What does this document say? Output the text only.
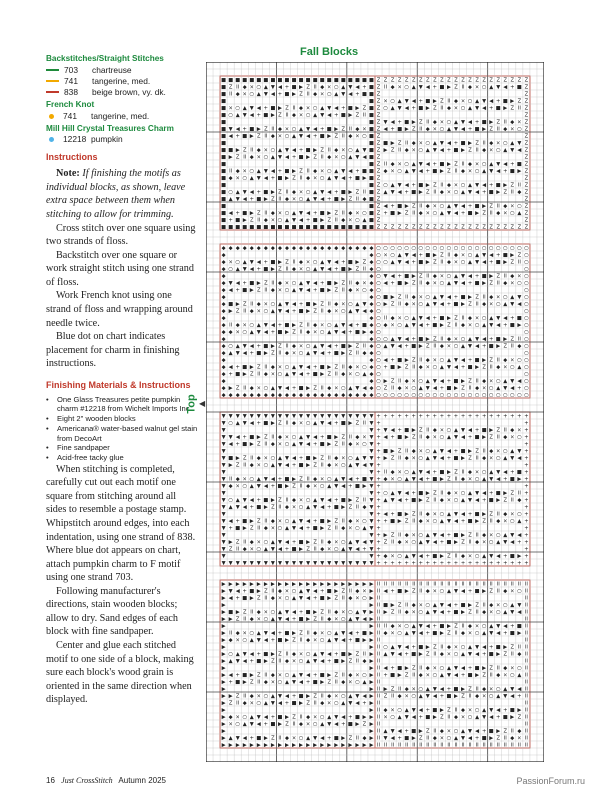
Backstitches/Straight Stitches
703	chartreuse
741	tangerine, med.
838	beige brown, vy. dk.
French Knot
741	tangerine, med.
Mill Hill Crystal Treasures Charm
12218 pumpkin
Instructions

Note: If finishing the motifs as individual blocks, as shown, leave extra space between them when stitching to allow for trimming.

Cross stitch over one square using two strands of floss.

Backstitch over one square or work straight stitch using one strand of floss.

Work French knot using one strand of floss and wrapping around needle twice.

Blue dot on chart indicates placement for charm in finishing instructions.

Finishing Materials & Instructions
• One Glass Treasures petite pumpkin charm #12218 from Wichelt Imports Inc.
• Eight 2" wooden blocks
• Americana® water-based walnut gel stain from DecoArt
• Fine sandpaper
• Acid-free tacky glue

When stitching is completed, carefully cut out each motif one square from stitching around all sides to resemble a postage stamp. Whipstitch around edges, into each indentation, using one strand of 838. Where blue dot appears on chart, attach pumpkin charm to F motif using one strand 703.

Following manufacturer's directions, stain wooden blocks; allow to dry. Sand edges of each block with fine sandpaper.

Center and glue each stitched motif to one side of a block, making sure each block's wood grain is oriented in the same direction when displayed.

Fall Blocks
Top ◀
■ ■ ■ ■ ■ ■ ■ ■ ■ ■ ■ ■ ■ ■ ■ ■ ■ ■ ■ ■ ■ ■
■ Z II ◆ × ○ ▲ ▼ ◀ + ■ ▶ Z II ◆ × ○ ▲ ▼ ◀ + ■
■ II ◆ × ○ ▲ ▼ ◀ + ■ ▶ Z II ◆ × ○ ▲ ▼ ◀ + ■ ■
■	■
■ × ○ ▲ ▼ ◀ + ■ ▶ Z II ◆ × ○ ▲ ▼ ◀ + ■ ▶ Z ■
■ ○ ▲ ▼ ◀ + ■ ▶ Z II ◆ × ○ ▲ ▼ ◀ + ■ ▶ Z II ■
■	■
■ ▼ ◀ + ■ ▶ Z II ◆ × ○ ▲ ▼ ◀ + ■ ▶ Z II ◆ × ■
■ ◀ + ■ ▶ Z II ◆ × ○ ▲ ▼ ◀ + ■ ▶ Z II ◆ × ○ ■
■	■
■ ■ ▶ Z II ◆ × ○ ▲ ▼ ◀ + ■ ▶ Z II ◆ × ○ ▲ ▼ ■
■ ▶ Z II ◆ × ○ ▲ ▼ ◀ + ■ ▶ Z II ◆ × ○ ▲ ▼ ◀ ■
■	■
■ II ◆ × ○ ▲ ▼ ◀ + ■ ▶ Z II ◆ × ○ ▲ ▼ ◀ + ■ ■
■ ◆ × ○ ▲ ▼ ◀ + ■ ▶ Z II ◆ × ○ ▲ ▼ ◀ + ■ ▶ ■
■	■
■ ○ ▲ ▼ ◀ + ■ ▶ Z II ◆ × ○ ▲ ▼ ◀ + ■ ▶ Z II ■
■ ▲ ▼ ◀ + ■ ▶ Z II ◆ × ○ ▲ ▼ ◀ + ■ ▶ Z II ◆ ■
■	■
■ ◀ + ■ ▶ Z II ◆ × ○ ▲ ▼ ◀ + ■ ▶ Z II ◆ × ○ ■
■ + ■ ▶ Z II ◆ × ○ ▲ ▼ ◀ + ■ ▶ Z II ◆ × ○ ▲ ■
■ ■ ■ ■ ■ ■ ■ ■ ■ ■ ■ ■ ■ ■ ■ ■ ■ ■ ■ ■ ■ ■
Z Z Z Z Z Z Z Z Z Z Z Z Z Z Z Z Z Z Z Z Z Z
Z II ◆ × ○ ▲ ▼ ◀ + ■ ▶ Z II ◆ × ○ ▲ ▼ ◀ + ■ Z
Z	Z
Z × ○ ▲ ▼ ◀ + ■ ▶ Z II ◆ × ○ ▲ ▼ ◀ + ■ ▶ Z Z
Z ○ ▲ ▼ ◀ + ■ ▶ Z II ◆ × ○ ▲ ▼ ◀ + ■ ▶ Z II Z
Z	Z
Z ▼ ◀ + ■ ▶ Z II ◆ × ○ ▲ ▼ ◀ + ■ ▶ Z II ◆ × Z
Z ◀ + ■ ▶ Z II ◆ × ○ ▲ ▼ ◀ + ■ ▶ Z II ◆ × ○ Z
Z	Z
Z ■ ▶ Z II ◆ × ○ ▲ ▼ ◀ + ■ ▶ Z II ◆ × ○ ▲ ▼ Z
Z ▶ Z II ◆ × ○ ▲ ▼ ◀ + ■ ▶ Z II ◆ × ○ ▲ ▼ ◀ Z
Z	Z
Z II ◆ × ○ ▲ ▼ ◀ + ■ ▶ Z II ◆ × ○ ▲ ▼ ◀ + ■ Z
Z ◆ × ○ ▲ ▼ ◀ + ■ ▶ Z II ◆ × ○ ▲ ▼ ◀ + ■ ▶ Z
Z	Z
Z ○ ▲ ▼ ◀ + ■ ▶ Z II ◆ × ○ ▲ ▼ ◀ + ■ ▶ Z II Z
Z ▲ ▼ ◀ + ■ ▶ Z II ◆ × ○ ▲ ▼ ◀ + ■ ▶ Z II ◆ Z
Z	Z
Z ◀ + ■ ▶ Z II ◆ × ○ ▲ ▼ ◀ + ■ ▶ Z II ◆ × ○ Z
Z + ■ ▶ Z II ◆ × ○ ▲ ▼ ◀ + ■ ▶ Z II ◆ × ○ ▲ Z
Z	Z
Z Z Z Z Z Z Z Z Z Z Z Z Z Z Z Z Z Z Z Z Z Z
◆ ◆ ◆ ◆ ◆ ◆ ◆ ◆ ◆ ◆ ◆ ◆ ◆ ◆ ◆ ◆ ◆ ◆ ◆ ◆ ◆ ◆
◆	◆
◆ × ○ ▲ ▼ ◀ + ■ ▶ Z II ◆ × ○ ▲ ▼ ◀ + ■ ▶ Z ◆
◆ ○ ▲ ▼ ◀ + ■ ▶ Z II ◆ × ○ ▲ ▼ ◀ + ■ ▶ Z II ◆
◆	◆
◆ ▼ ◀ + ■ ▶ Z II ◆ × ○ ▲ ▼ ◀ + ■ ▶ Z II ◆ × ◆
◆ ◀ + ■ ▶ Z II ◆ × ○ ▲ ▼ ◀ + ■ ▶ Z II ◆ × ○ ◆
◆	◆
◆ ■ ▶ Z II ◆ × ○ ▲ ▼ ◀ + ■ ▶ Z II ◆ × ○ ▲ ▼ ◆
◆ ▶ Z II ◆ × ○ ▲ ▼ ◀ + ■ ▶ Z II ◆ × ○ ▲ ▼ ◀ ◆
◆	◆
◆ II ◆ × ○ ▲ ▼ ◀ + ■ ▶ Z II ◆ × ○ ▲ ▼ ◀ + ■ ◆
◆ ◆ × ○ ▲ ▼ ◀ + ■ ▶ Z II ◆ × ○ ▲ ▼ ◀ + ■ ▶ ◆
◆	◆
◆ ○ ▲ ▼ ◀ + ■ ▶ Z II ◆ × ○ ▲ ▼ ◀ + ■ ▶ Z II ◆
◆ ▲ ▼ ◀ + ■ ▶ Z II ◆ × ○ ▲ ▼ ◀ + ■ ▶ Z II ◆ ◆
◆	◆
◆ ◀ + ■ ▶ Z II ◆ × ○ ▲ ▼ ◀ + ■ ▶ Z II ◆ × ○ ◆
◆ + ■ ▶ Z II ◆ × ○ ▲ ▼ ◀ + ■ ▶ Z II ◆ × ○ ▲ ◆
◆	◆
◆ ▶ Z II ◆ × ○ ▲ ▼ ◀ + ■ ▶ Z II ◆ × ○ ▲ ▼ ◀ ◆
◆ ◆ ◆ ◆ ◆ ◆ ◆ ◆ ◆ ◆ ◆ ◆ ◆ ◆ ◆ ◆ ◆ ◆ ◆ ◆ ◆ ◆
○ ○ ○ ○ ○ ○ ○ ○ ○ ○ ○ ○ ○ ○ ○ ○ ○ ○ ○ ○ ○ ○
○ × ○ ▲ ▼ ◀ + ■ ▶ Z II ◆ × ○ ▲ ▼ ◀ + ■ ▶ Z ○
○ ○ ▲ ▼ ◀ + ■ ▶ Z II ◆ × ○ ▲ ▼ ◀ + ■ ▶ Z II ○
○	○
○ ▼ ◀ + ■ ▶ Z II ◆ × ○ ▲ ▼ ◀ + ■ ▶ Z II ◆ × ○
○ ◀ + ■ ▶ Z II ◆ × ○ ▲ ▼ ◀ + ■ ▶ Z II ◆ × ○ ○
○	○
○ ■ ▶ Z II ◆ × ○ ▲ ▼ ◀ + ■ ▶ Z II ◆ × ○ ▲ ▼ ○
○ ▶ Z II ◆ × ○ ▲ ▼ ◀ + ■ ▶ Z II ◆ × ○ ▲ ▼ ◀ ○
○	○
○ II ◆ × ○ ▲ ▼ ◀ + ■ ▶ Z II ◆ × ○ ▲ ▼ ◀ + ■ ○
○ ◆ × ○ ▲ ▼ ◀ + ■ ▶ Z II ◆ × ○ ▲ ▼ ◀ + ■ ▶ ○
○	○
○ ○ ▲ ▼ ◀ + ■ ▶ Z II ◆ × ○ ▲ ▼ ◀ + ■ ▶ Z II ○
○ ▲ ▼ ◀ + ■ ▶ Z II ◆ × ○ ▲ ▼ ◀ + ■ ▶ Z II ◆ ○
○	○
○ ◀ + ■ ▶ Z II ◆ × ○ ▲ ▼ ◀ + ■ ▶ Z II ◆ × ○ ○
○ + ■ ▶ Z II ◆ × ○ ▲ ▼ ◀ + ■ ▶ Z II ◆ × ○ ▲ ○
○	○
○ ▶ Z II ◆ × ○ ▲ ▼ ◀ + ■ ▶ Z II ◆ × ○ ▲ ▼ ◀ ○
○ Z II ◆ × ○ ▲ ▼ ◀ + ■ ▶ Z II ◆ × ○ ▲ ▼ ◀ + ○
○ ○ ○ ○ ○ ○ ○ ○ ○ ○ ○ ○ ○ ○ ○ ○ ○ ○ ○ ○ ○ ○
▼ ▼ ▼ ▼ ▼ ▼ ▼ ▼ ▼ ▼ ▼ ▼ ▼ ▼ ▼ ▼ ▼ ▼ ▼ ▼ ▼ ▼
▼ ○ ▲ ▼ ◀ + ■ ▶ Z II ◆ × ○ ▲ ▼ ◀ + ■ ▶ Z II ▼
▼	▼
▼ ▼ ◀ + ■ ▶ Z II ◆ × ○ ▲ ▼ ◀ + ■ ▶ Z II ◆ × ▼
▼ ◀ + ■ ▶ Z II ◆ × ○ ▲ ▼ ◀ + ■ ▶ Z II ◆ × ○ ▼
▼	▼
▼ ■ ▶ Z II ◆ × ○ ▲ ▼ ◀ + ■ ▶ Z II ◆ × ○ ▲ ▼ ▼
▼ ▶ Z II ◆ × ○ ▲ ▼ ◀ + ■ ▶ Z II ◆ × ○ ▲ ▼ ◀ ▼
▼	▼
▼ II ◆ × ○ ▲ ▼ ◀ + ■ ▶ Z II ◆ × ○ ▲ ▼ ◀ + ■ ▼
▼ ◆ × ○ ▲ ▼ ◀ + ■ ▶ Z II ◆ × ○ ▲ ▼ ◀ + ■ ▶ ▼
▼	▼
▼ ○ ▲ ▼ ◀ + ■ ▶ Z II ◆ × ○ ▲ ▼ ◀ + ■ ▶ Z II ▼
▼ ▲ ▼ ◀ + ■ ▶ Z II ◆ × ○ ▲ ▼ ◀ + ■ ▶ Z II ◆ ▼
▼	▼
▼ ◀ + ■ ▶ Z II ◆ × ○ ▲ ▼ ◀ + ■ ▶ Z II ◆ × ○ ▼
▼ + ■ ▶ Z II ◆ × ○ ▲ ▼ ◀ + ■ ▶ Z II ◆ × ○ ▲ ▼
▼	▼
▼ ▶ Z II ◆ × ○ ▲ ▼ ◀ + ■ ▶ Z II ◆ × ○ ▲ ▼ ◀ ▼
▼ Z II ◆ × ○ ▲ ▼ ◀ + ■ ▶ Z II ◆ × ○ ▲ ▼ ◀ + ▼
▼	▼
▼ ▼ ▼ ▼ ▼ ▼ ▼ ▼ ▼ ▼ ▼ ▼ ▼ ▼ ▼ ▼ ▼ ▼ ▼ ▼ ▼ ▼
+ + + + + + + + + + + + + + + + + + + + + +
+	+
+ ▼ ◀ + ■ ▶ Z II ◆ × ○ ▲ ▼ ◀ + ■ ▶ Z II ◆ × +
+ ◀ + ■ ▶ Z II ◆ × ○ ▲ ▼ ◀ + ■ ▶ Z II ◆ × ○ +
+	+
+ ■ ▶ Z II ◆ × ○ ▲ ▼ ◀ + ■ ▶ Z II ◆ × ○ ▲ ▼ +
+ ▶ Z II ◆ × ○ ▲ ▼ ◀ + ■ ▶ Z II ◆ × ○ ▲ ▼ ◀ +
+	+
+ II ◆ × ○ ▲ ▼ ◀ + ■ ▶ Z II ◆ × ○ ▲ ▼ ◀ + ■ +
+ ◆ × ○ ▲ ▼ ◀ + ■ ▶ Z II ◆ × ○ ▲ ▼ ◀ + ■ ▶ +
+	+
+ ○ ▲ ▼ ◀ + ■ ▶ Z II ◆ × ○ ▲ ▼ ◀ + ■ ▶ Z II +
+ ▲ ▼ ◀ + ■ ▶ Z II ◆ × ○ ▲ ▼ ◀ + ■ ▶ Z II ◆ +
+	+
+ ◀ + ■ ▶ Z II ◆ × ○ ▲ ▼ ◀ + ■ ▶ Z II ◆ × ○ +
+ + ■ ▶ Z II ◆ × ○ ▲ ▼ ◀ + ■ ▶ Z II ◆ × ○ ▲ +
+	+
+ ▶ Z II ◆ × ○ ▲ ▼ ◀ + ■ ▶ Z II ◆ × ○ ▲ ▼ ◀ +
+ Z II ◆ × ○ ▲ ▼ ◀ + ■ ▶ Z II ◆ × ○ ▲ ▼ ◀ + +
+	+
+ ◆ × ○ ▲ ▼ ◀ + ■ ▶ Z II ◆ × ○ ▲ ▼ ◀ + ■ ▶ +
+ + + + + + + + + + + + + + + + + + + + + +
▶ ▶ ▶ ▶ ▶ ▶ ▶ ▶ ▶ ▶ ▶ ▶ ▶ ▶ ▶ ▶ ▶ ▶ ▶ ▶ ▶ ▶
▶ ▼ ◀ + ■ ▶ Z II ◆ × ○ ▲ ▼ ◀ + ■ ▶ Z II ◆ × ▶
▶ ◀ + ■ ▶ Z II ◆ × ○ ▲ ▼ ◀ + ■ ▶ Z II ◆ × ○ ▶
▶	▶
▶ ■ ▶ Z II ◆ × ○ ▲ ▼ ◀ + ■ ▶ Z II ◆ × ○ ▲ ▼ ▶
▶ ▶ Z II ◆ × ○ ▲ ▼ ◀ + ■ ▶ Z II ◆ × ○ ▲ ▼ ◀ ▶
▶	▶
▶ II ◆ × ○ ▲ ▼ ◀ + ■ ▶ Z II ◆ × ○ ▲ ▼ ◀ + ■ ▶
▶ ◆ × ○ ▲ ▼ ◀ + ■ ▶ Z II ◆ × ○ ▲ ▼ ◀ + ■ ▶ ▶
▶	▶
▶ ○ ▲ ▼ ◀ + ■ ▶ Z II ◆ × ○ ▲ ▼ ◀ + ■ ▶ Z II ▶
▶ ▲ ▼ ◀ + ■ ▶ Z II ◆ × ○ ▲ ▼ ◀ + ■ ▶ Z II ◆ ▶
▶	▶
▶ ◀ + ■ ▶ Z II ◆ × ○ ▲ ▼ ◀ + ■ ▶ Z II ◆ × ○ ▶
▶ + ■ ▶ Z II ◆ × ○ ▲ ▼ ◀ + ■ ▶ Z II ◆ × ○ ▲ ▶
▶	▶
▶ ▶ Z II ◆ × ○ ▲ ▼ ◀ + ■ ▶ Z II ◆ × ○ ▲ ▼ ◀ ▶
▶ Z II ◆ × ○ ▲ ▼ ◀ + ■ ▶ Z II ◆ × ○ ▲ ▼ ◀ + ▶
▶	▶
▶ ◆ × ○ ▲ ▼ ◀ + ■ ▶ Z II ◆ × ○ ▲ ▼ ◀ + ■ ▶ ▶
▶ × ○ ▲ ▼ ◀ + ■ ▶ Z II ◆ × ○ ▲ ▼ ◀ + ■ ▶ Z ▶
▶	▶
▶ ▲ ▼ ◀ + ■ ▶ Z II ◆ × ○ ▲ ▼ ◀ + ■ ▶ Z II ◆ ▶
▶ ▶ ▶ ▶ ▶ ▶ ▶ ▶ ▶ ▶ ▶ ▶ ▶ ▶ ▶ ▶ ▶ ▶ ▶ ▶ ▶ ▶
II II II II II II II II II II II II II II II II II II II II II II
II ◀ + ■ ▶ Z II ◆ × ○ ▲ ▼ ◀ + ■ ▶ Z II ◆ × ○ II
II	II
II ■ ▶ Z II ◆ × ○ ▲ ▼ ◀ + ■ ▶ Z II ◆ × ○ ▲ ▼ II
II ▶ Z II ◆ × ○ ▲ ▼ ◀ + ■ ▶ Z II ◆ × ○ ▲ ▼ ◀ II
II	II
II II ◆ × ○ ▲ ▼ ◀ + ■ ▶ Z II ◆ × ○ ▲ ▼ ◀ + ■ II
II ◆ × ○ ▲ ▼ ◀ + ■ ▶ Z II ◆ × ○ ▲ ▼ ◀ + ■ ▶ II
II	II
II ○ ▲ ▼ ◀ + ■ ▶ Z II ◆ × ○ ▲ ▼ ◀ + ■ ▶ Z II II
II ▲ ▼ ◀ + ■ ▶ Z II ◆ × ○ ▲ ▼ ◀ + ■ ▶ Z II ◆ II
II	II
II ◀ + ■ ▶ Z II ◆ × ○ ▲ ▼ ◀ + ■ ▶ Z II ◆ × ○ II
II + ■ ▶ Z II ◆ × ○ ▲ ▼ ◀ + ■ ▶ Z II ◆ × ○ ▲ II
II	II
II ▶ Z II ◆ × ○ ▲ ▼ ◀ + ■ ▶ Z II ◆ × ○ ▲ ▼ ◀ II
II Z II ◆ × ○ ▲ ▼ ◀ + ■ ▶ Z II ◆ × ○ ▲ ▼ ◀ + II
II	II
II ◆ × ○ ▲ ▼ ◀ + ■ ▶ Z II ◆ × ○ ▲ ▼ ◀ + ■ ▶ II
II × ○ ▲ ▼ ◀ + ■ ▶ Z II ◆ × ○ ▲ ▼ ◀ + ■ ▶ Z II
II	II
II ▲ ▼ ◀ + ■ ▶ Z II ◆ × ○ ▲ ▼ ◀ + ■ ▶ Z II ◆ II
II ▼ ◀ + ■ ▶ Z II ◆ × ○ ▲ ▼ ◀ + ■ ▶ Z II ◆ × II
II II II II II II II II II II II II II II II II II II II II II II
16 Just CrossStitch Autumn 2025	PassionForum.ru
